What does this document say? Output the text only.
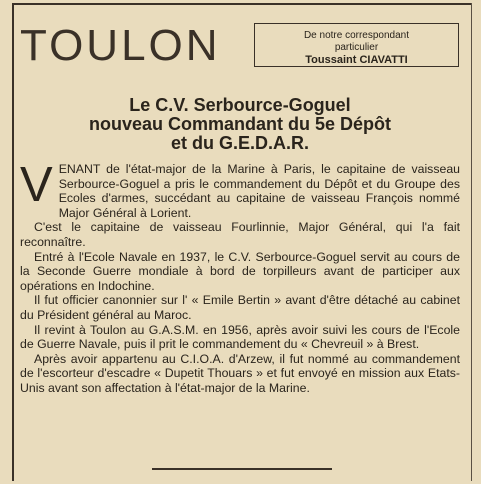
TOULON	De notre correspondant
particulier
Toussaint CIAVATTI
Le C.V. Serbource-Goguel
nouveau Commandant du 5e Dépôt
et du G.E.D.A.R.

VENANT de l'état-major de la Marine à Paris, le capitaine de vaisseau Serbource-Goguel a pris le commandement du Dépôt et du Groupe des Ecoles d'armes, succédant au capitaine de vaisseau François nommé Major Général à Lorient.

C'est le capitaine de vaisseau Fourlinnie, Major Général, qui l'a fait reconnaître.

Entré à l'Ecole Navale en 1937, le C.V. Serbource-Goguel servit au cours de la Seconde Guerre mondiale à bord de torpilleurs avant de participer aux opérations en Indochine.

Il fut officier canonnier sur l' « Emile Bertin » avant d'être détaché au cabinet du Président général au Maroc.

Il revint à Toulon au G.A.S.M. en 1956, après avoir suivi les cours de l'Ecole de Guerre Navale, puis il prit le commandement du « Chevreuil » à Brest.

Après avoir appartenu au C.I.O.A. d'Arzew, il fut nommé au commandement de l'escorteur d'escadre « Dupetit Thouars » et fut envoyé en mission aux Etats-Unis avant son affectation à l'état-major de la Marine.
